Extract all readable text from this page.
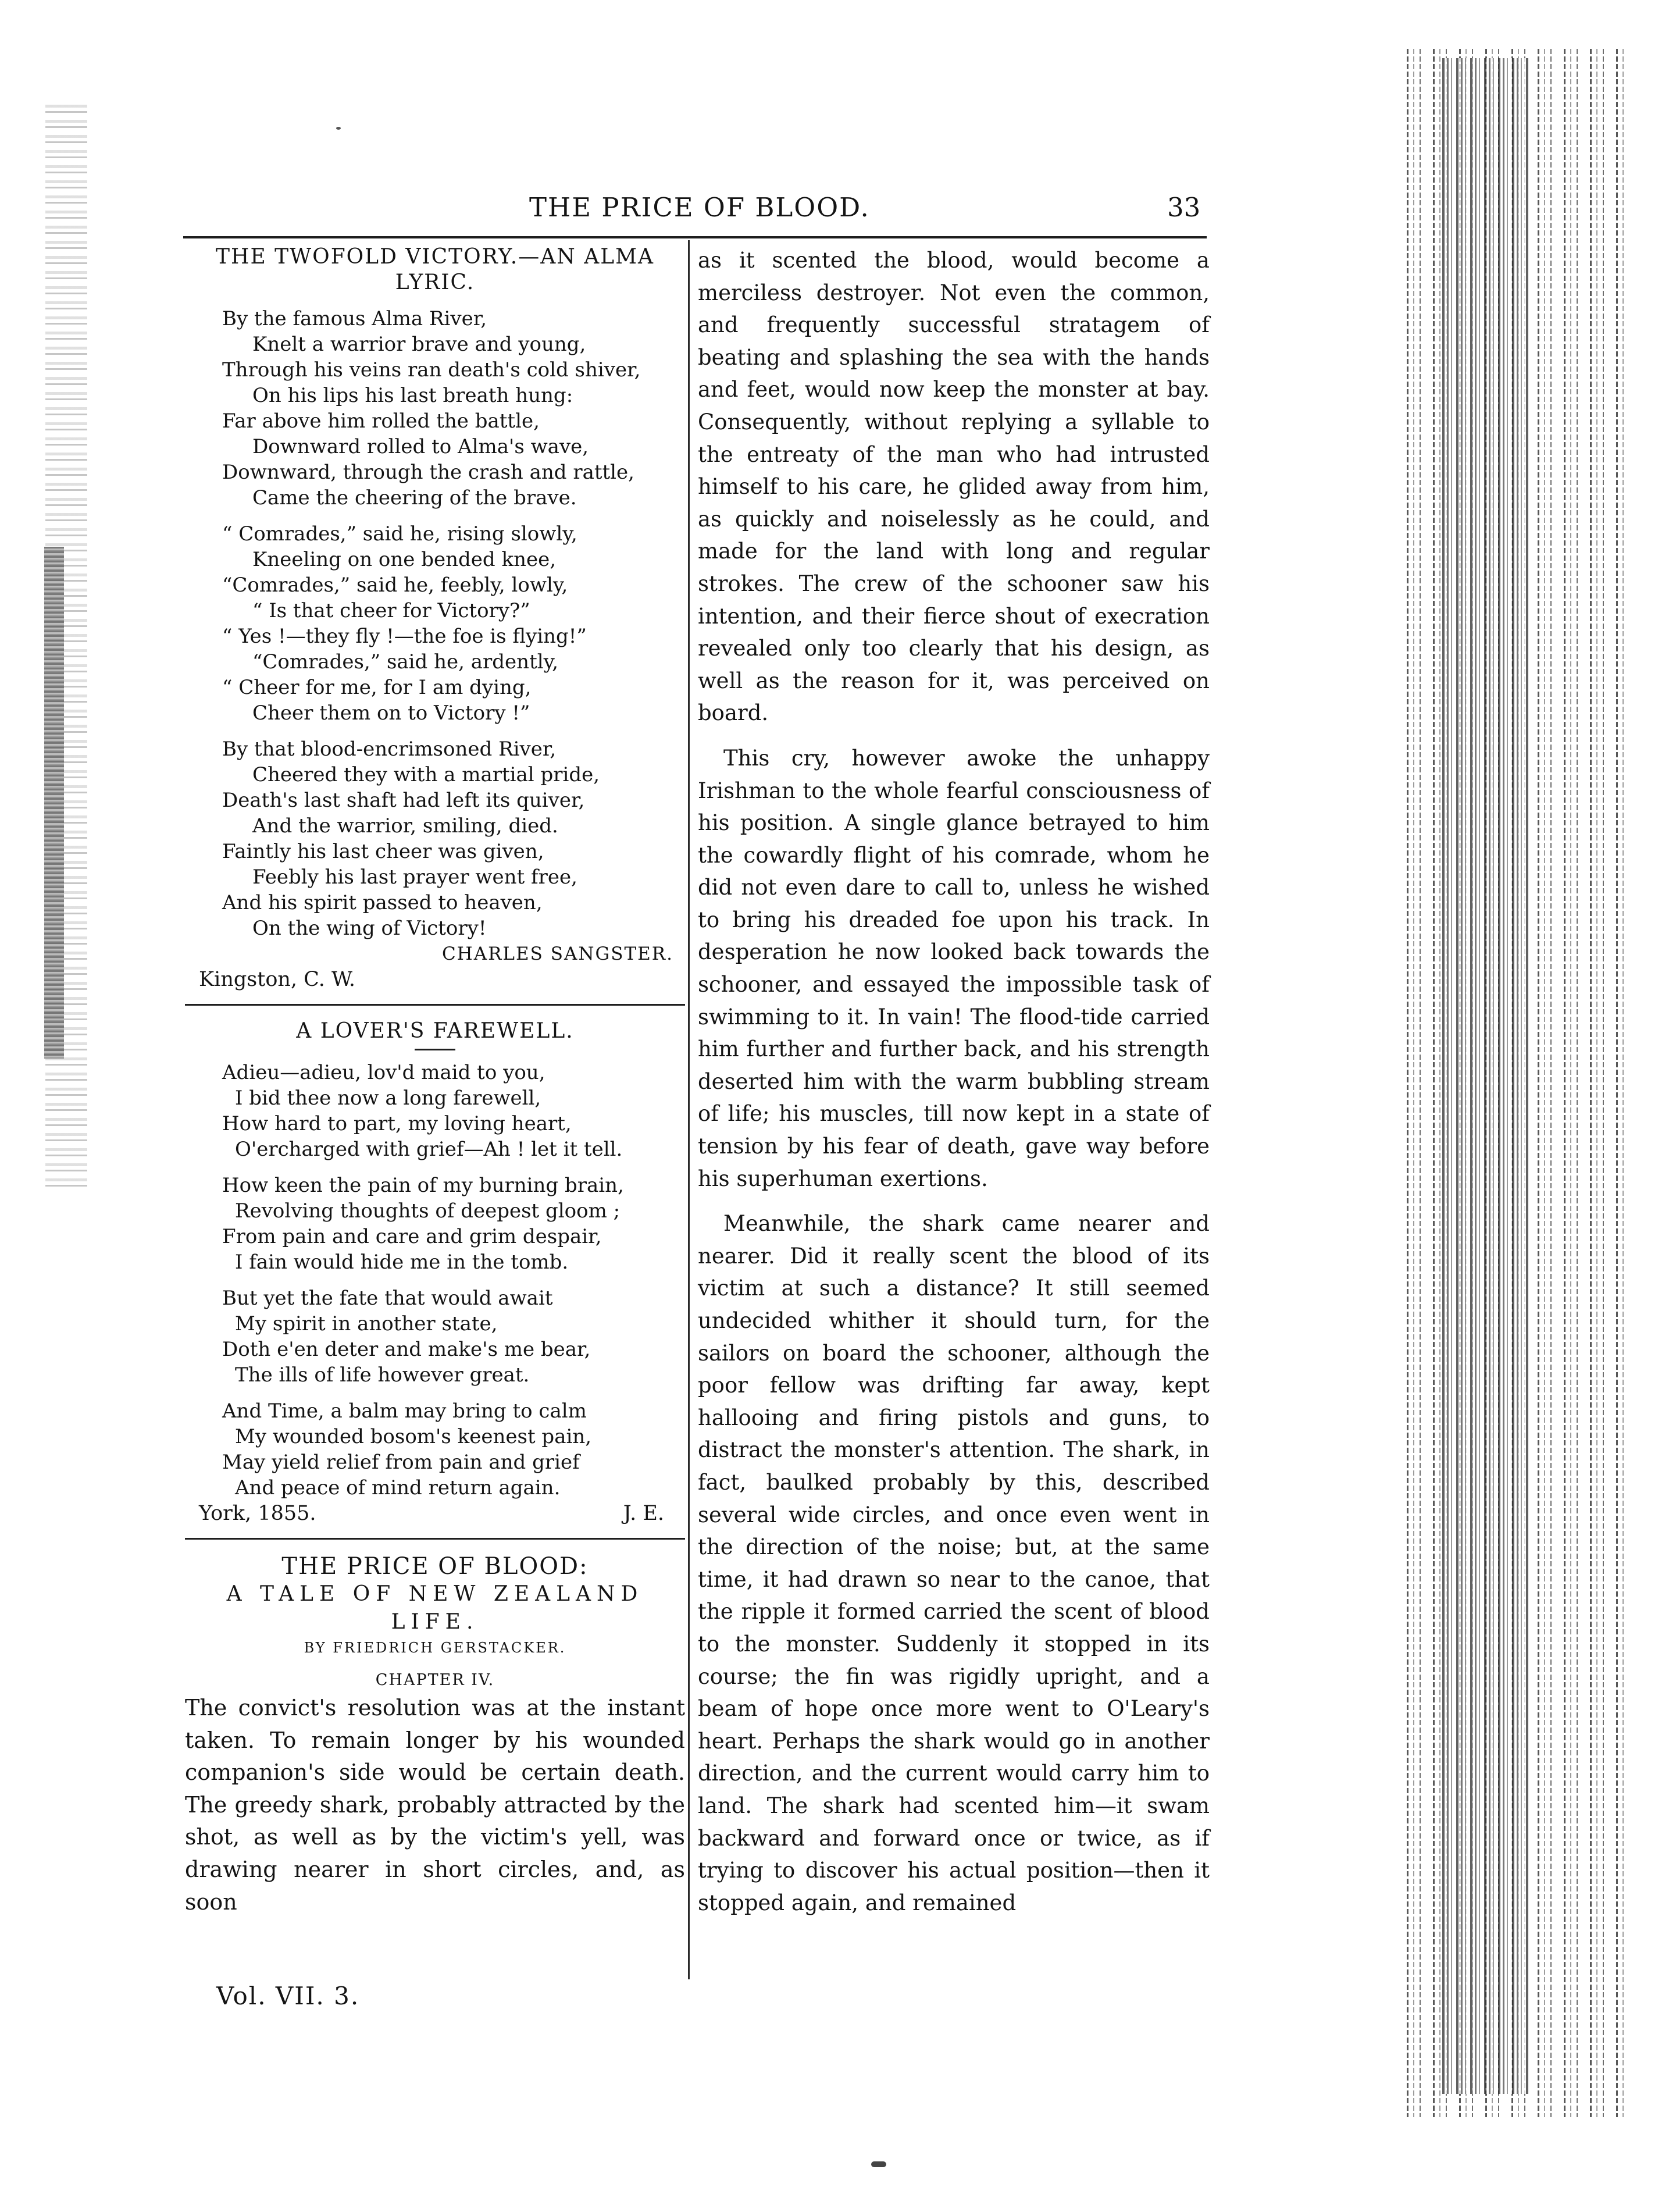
THE PRICE OF BLOOD.	33
THE TWOFOLD VICTORY.—AN ALMA LYRIC.
By the famous Alma River,
Knelt a warrior brave and young,
Through his veins ran death's cold shiver,
On his lips his last breath hung:
Far above him rolled the battle,
Downward rolled to Alma's wave,
Downward, through the crash and rattle,
Came the cheering of the brave.
“ Comrades,” said he, rising slowly,
Kneeling on one bended knee,
“Comrades,” said he, feebly, lowly,
“ Is that cheer for Victory?”
“ Yes !—they fly !—the foe is flying!”
“Comrades,” said he, ardently,
“ Cheer for me, for I am dying,
Cheer them on to Victory !”
By that blood-encrimsoned River,
Cheered they with a martial pride,
Death's last shaft had left its quiver,
And the warrior, smiling, died.
Faintly his last cheer was given,
Feebly his last prayer went free,
And his spirit passed to heaven,
On the wing of Victory!
CHARLES SANGSTER.
Kingston, C. W.
A LOVER'S FAREWELL.
Adieu—adieu, lov'd maid to you,
I bid thee now a long farewell,
How hard to part, my loving heart,
O'ercharged with grief—Ah ! let it tell.
How keen the pain of my burning brain,
Revolving thoughts of deepest gloom ;
From pain and care and grim despair,
I fain would hide me in the tomb.
But yet the fate that would await
My spirit in another state,
Doth e'en deter and make's me bear,
The ills of life however great.
And Time, a balm may bring to calm
My wounded bosom's keenest pain,
May yield relief from pain and grief
And peace of mind return again.
York, 1855.	J. E.
THE PRICE OF BLOOD:
A TALE OF NEW ZEALAND LIFE.
BY FRIEDRICH GERSTACKER.
CHAPTER IV.

The convict's resolution was at the instant taken. To remain longer by his wounded companion's side would be certain death. The greedy shark, probably attracted by the shot, as well as by the victim's yell, was drawing nearer in short circles, and, as soon

Vol. VII. 3.

as it scented the blood, would become a merciless destroyer. Not even the common, and frequently successful stratagem of beating and splashing the sea with the hands and feet, would now keep the monster at bay. Consequently, without replying a syllable to the entreaty of the man who had intrusted himself to his care, he glided away from him, as quickly and noiselessly as he could, and made for the land with long and regular strokes. The crew of the schooner saw his intention, and their fierce shout of execration revealed only too clearly that his design, as well as the reason for it, was perceived on board.

This cry, however awoke the unhappy Irishman to the whole fearful consciousness of his position. A single glance betrayed to him the cowardly flight of his comrade, whom he did not even dare to call to, unless he wished to bring his dreaded foe upon his track. In desperation he now looked back towards the schooner, and essayed the impossible task of swimming to it. In vain! The flood-tide carried him further and further back, and his strength deserted him with the warm bubbling stream of life; his muscles, till now kept in a state of tension by his fear of death, gave way before his superhuman exertions.

Meanwhile, the shark came nearer and nearer. Did it really scent the blood of its victim at such a distance? It still seemed undecided whither it should turn, for the sailors on board the schooner, although the poor fellow was drifting far away, kept hallooing and firing pistols and guns, to distract the monster's attention. The shark, in fact, baulked probably by this, described several wide circles, and once even went in the direction of the noise; but, at the same time, it had drawn so near to the canoe, that the ripple it formed carried the scent of blood to the monster. Suddenly it stopped in its course; the fin was rigidly upright, and a beam of hope once more went to O'Leary's heart. Perhaps the shark would go in another direction, and the current would carry him to land. The shark had scented him—it swam backward and forward once or twice, as if trying to discover his actual position—then it stopped again, and remained
